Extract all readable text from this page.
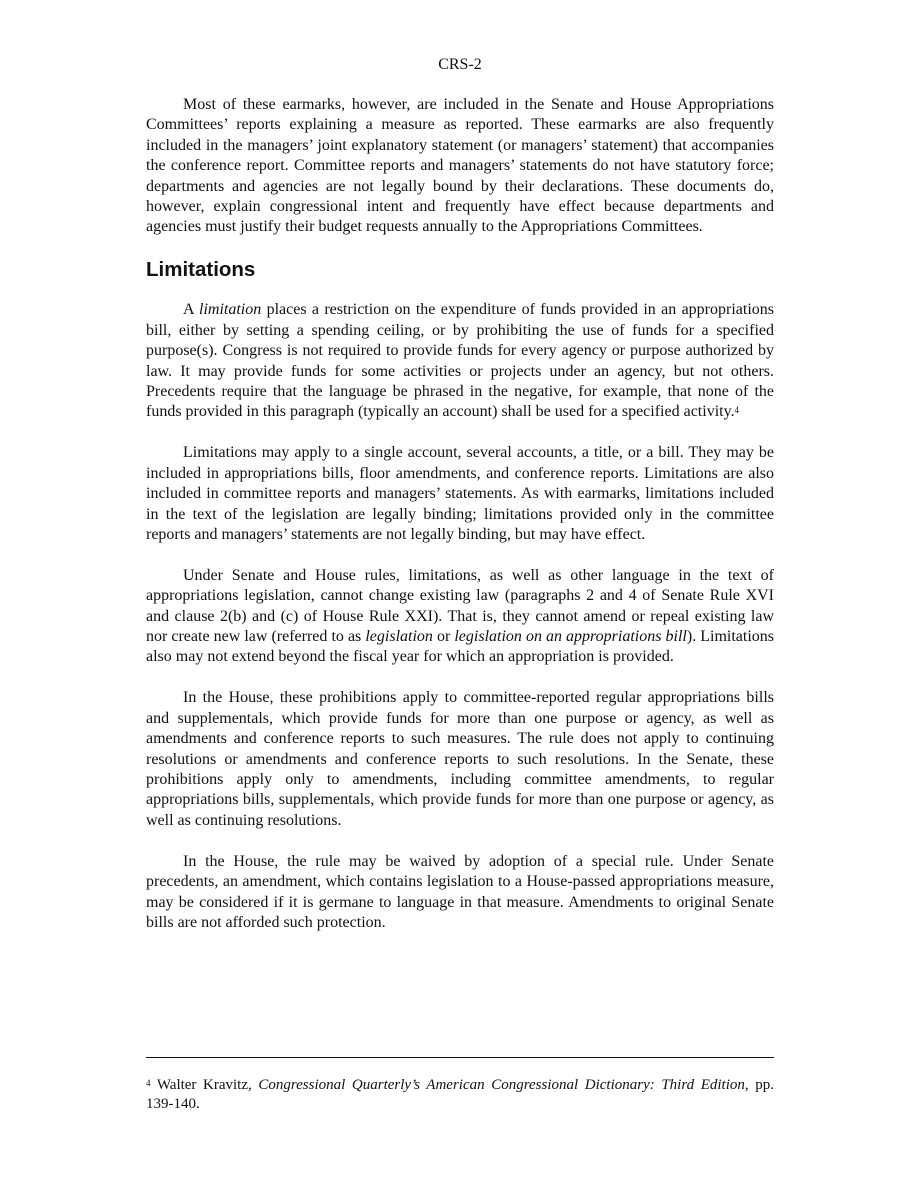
CRS-2

Most of these earmarks, however, are included in the Senate and House Appropriations Committees’ reports explaining a measure as reported. These earmarks are also frequently included in the managers’ joint explanatory statement (or managers’ statement) that accompanies the conference report. Committee reports and managers’ statements do not have statutory force; departments and agencies are not legally bound by their declarations. These documents do, however, explain congressional intent and frequently have effect because departments and agencies must justify their budget requests annually to the Appropriations Committees.

Limitations

A limitation places a restriction on the expenditure of funds provided in an appropriations bill, either by setting a spending ceiling, or by prohibiting the use of funds for a specified purpose(s). Congress is not required to provide funds for every agency or purpose authorized by law. It may provide funds for some activities or projects under an agency, but not others. Precedents require that the language be phrased in the negative, for example, that none of the funds provided in this paragraph (typically an account) shall be used for a specified activity.$^4$

Limitations may apply to a single account, several accounts, a title, or a bill. They may be included in appropriations bills, floor amendments, and conference reports. Limitations are also included in committee reports and managers’ statements. As with earmarks, limitations included in the text of the legislation are legally binding; limitations provided only in the committee reports and managers’ statements are not legally binding, but may have effect.

Under Senate and House rules, limitations, as well as other language in the text of appropriations legislation, cannot change existing law (paragraphs 2 and 4 of Senate Rule XVI and clause 2(b) and (c) of House Rule XXI). That is, they cannot amend or repeal existing law nor create new law (referred to as legislation or legislation on an appropriations bill). Limitations also may not extend beyond the fiscal year for which an appropriation is provided.

In the House, these prohibitions apply to committee-reported regular appropriations bills and supplementals, which provide funds for more than one purpose or agency, as well as amendments and conference reports to such measures. The rule does not apply to continuing resolutions or amendments and conference reports to such resolutions. In the Senate, these prohibitions apply only to amendments, including committee amendments, to regular appropriations bills, supplementals, which provide funds for more than one purpose or agency, as well as continuing resolutions.

In the House, the rule may be waived by adoption of a special rule. Under Senate precedents, an amendment, which contains legislation to a House-passed appropriations measure, may be considered if it is germane to language in that measure. Amendments to original Senate bills are not afforded such protection.

$^4$ Walter Kravitz, Congressional Quarterly’s American Congressional Dictionary: Third Edition, pp. 139-140.
